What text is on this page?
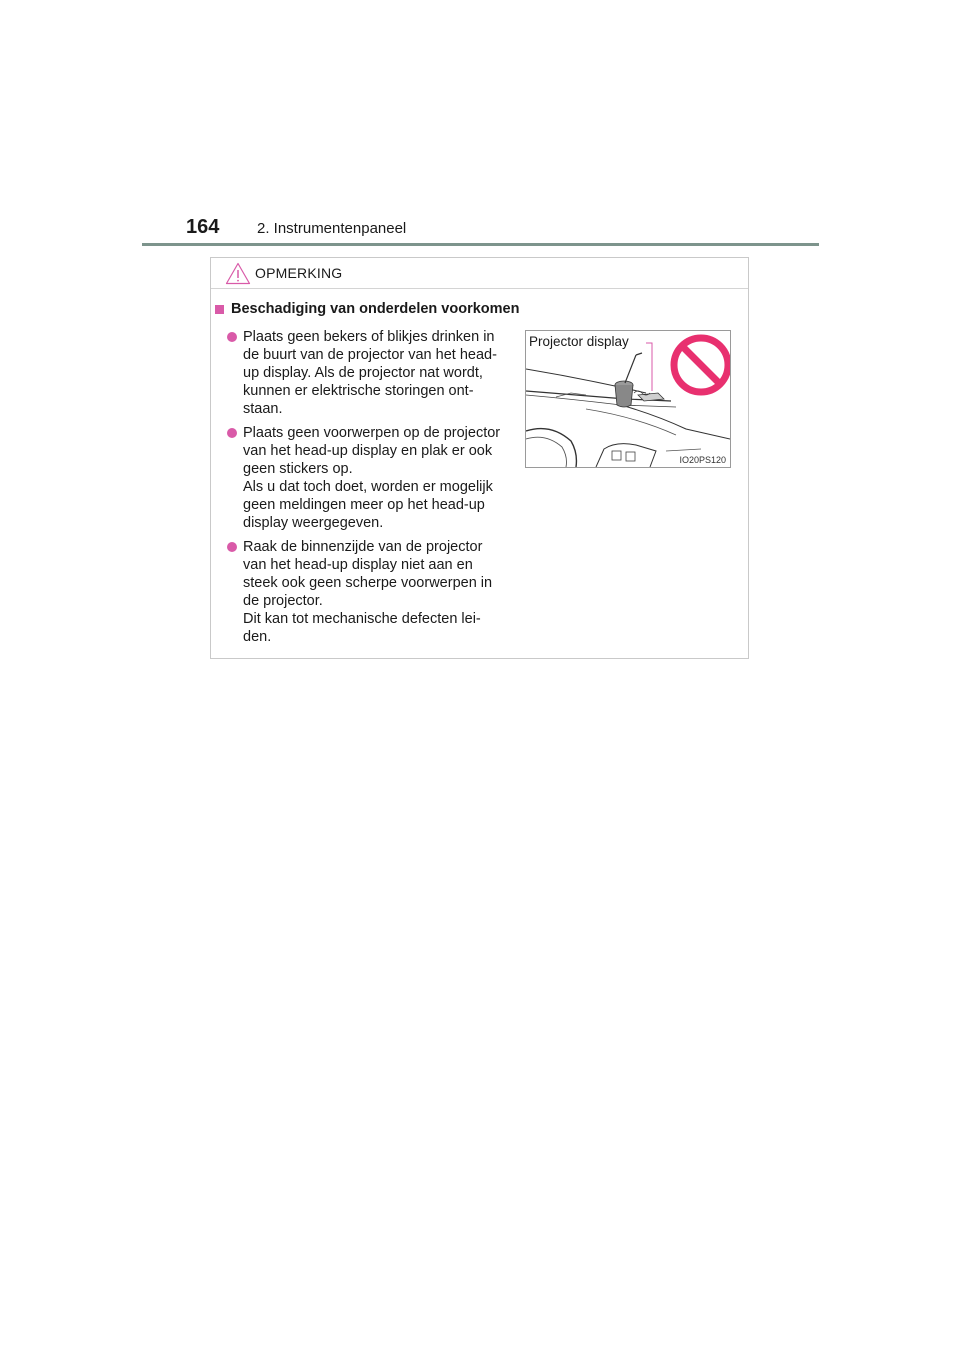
164	2. Instrumentenpaneel
OPMERKING
Beschadiging van onderdelen voorkomen
Plaats geen bekers of blikjes drinken in
de buurt van de projector van het head-
up display. Als de projector nat wordt,
kunnen er elektrische storingen ont-
staan.
Plaats geen voorwerpen op de projector
van het head-up display en plak er ook
geen stickers op.
Als u dat toch doet, worden er mogelijk
geen meldingen meer op het head-up
display weergegeven.
Raak de binnenzijde van de projector
van het head-up display niet aan en
steek ook geen scherpe voorwerpen in
de projector.
Dit kan tot mechanische defecten lei-
den.
Projector display
IO20PS120
